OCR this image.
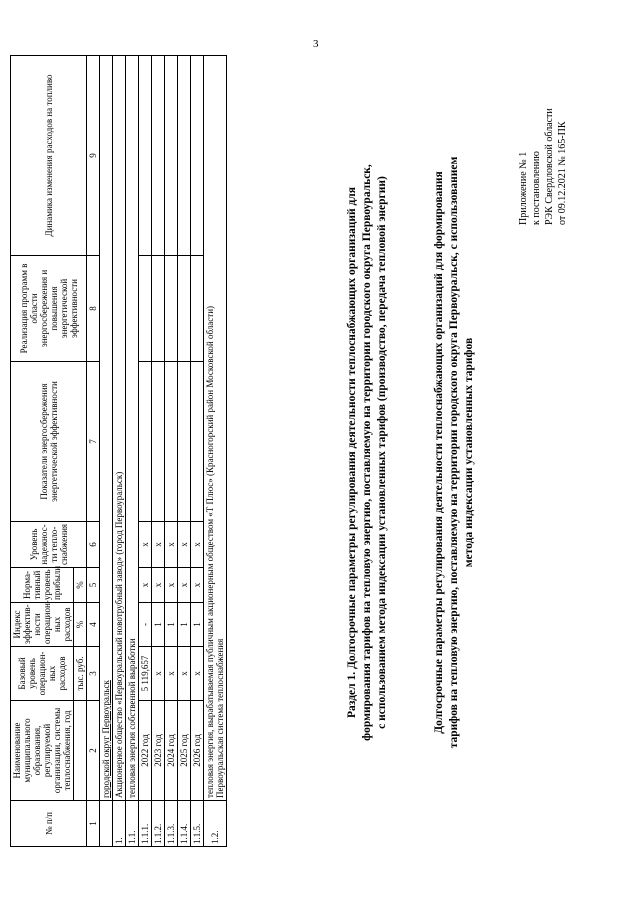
3
Приложение № 1 к постановлению РЭК Свердловской области от 09.12.2021 № 165-ПК
Долгосрочные параметры регулирования деятельности теплоснабжающих организаций для формирования тарифов на тепловую энергию, поставляемую на территории городского округа Первоуральск, с использованием метода индексации установленных тарифов
Раздел 1. Долгосрочные параметры регулирования деятельности теплоснабжающих организаций для формирования тарифов на тепловую энергию, поставляемую на территории городского округа Первоуральск, с использованием метода индексации установленных тарифов (производство, передача тепловой энергии)
№ п/п	Наименование муниципального образования, регулируемой организации, системы теплоснабжения, год	Базовый уровень операцион-ных расходов	Индекс эффектив-ности операцион-ных расходов	Норма-тивный уровень прибыли	Уровень надежнос-ти тепло-снабжения	Показатели энергосбережения энергетической эффективности	Реализация программ в области энергосбережения и повышения энергетической эффективности	Динамика изменения расходов на топливо
		тыс. руб.	%	%				
1	2	3	4	5	6	7	8	9
	городской округ Первоуральск							
1.	Акционерное общество «Первоуральский новотрубный завод» (город Первоуральск)							
1.1.	тепловая энергия собственной выработки							
1.1.1.	2022 год	5 119,657	-	x	x			
1.1.2.	2023 год	x	1	x	x			
1.1.3.	2024 год	x	1	x	x			
1.1.4.	2025 год	x	1	x	x			
1.1.5.	2026 год	x	1	x	x			
1.2.	тепловая энергия, вырабатываемая публичным акционерным обществом «Т Плюс» (Красногорский район Московской области) Первоуральская система теплоснабжения							
